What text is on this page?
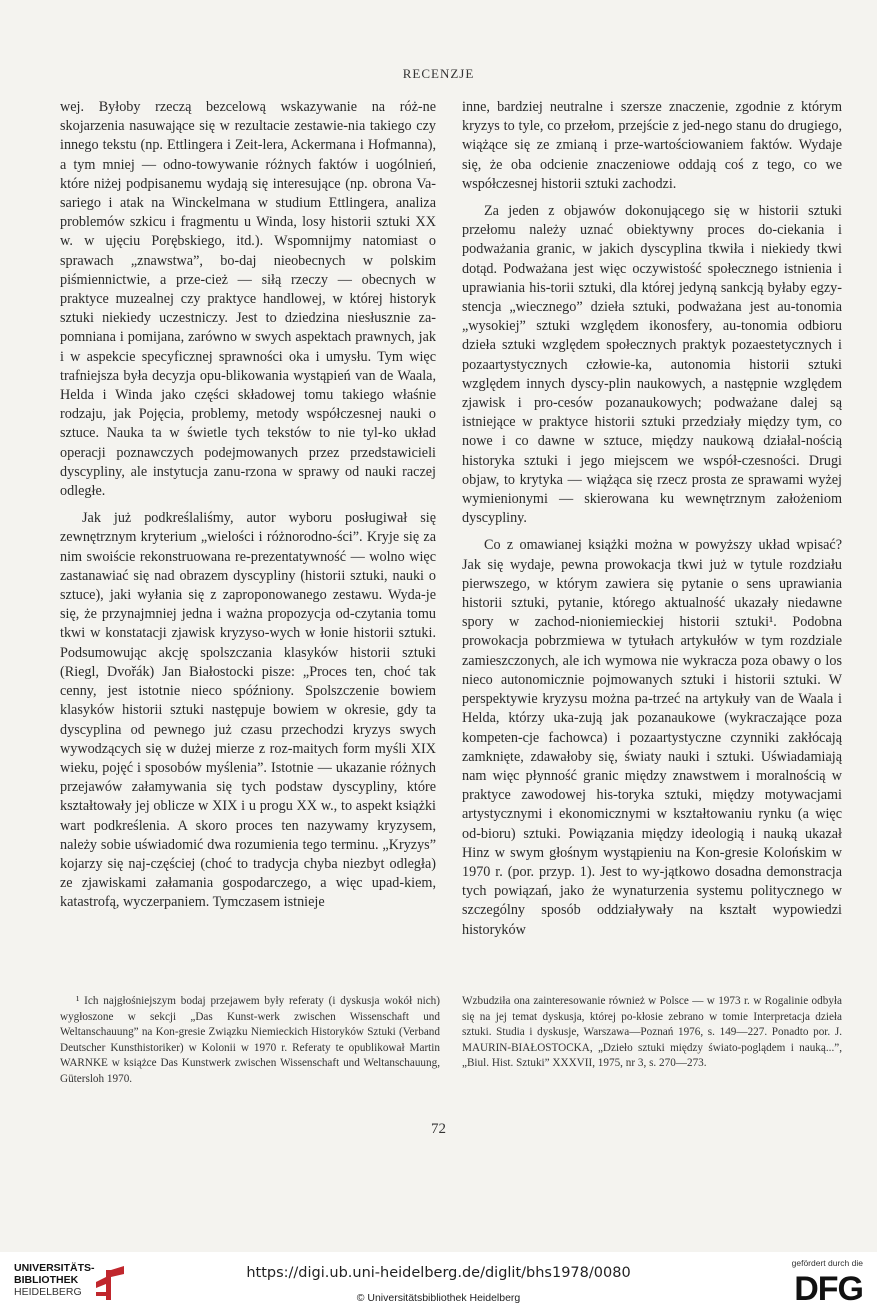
RECENZJE

wej. Byłoby rzeczą bezcelową wskazywanie na róż-ne skojarzenia nasuwające się w rezultacie zestawie-nia takiego czy innego tekstu (np. Ettlingera i Zeit-lera, Ackermana i Hofmanna), a tym mniej — odno-towywanie różnych faktów i uogólnień, które niżej podpisanemu wydają się interesujące (np. obrona Va-sariego i atak na Winckelmana w studium Ettlingera, analiza problemów szkicu i fragmentu u Winda, losy historii sztuki XX w. w ujęciu Porębskiego, itd.). Wspomnijmy natomiast o sprawach „znawstwa”, bo-daj nieobecnych w polskim piśmiennictwie, a prze-cież — siłą rzeczy — obecnych w praktyce muzealnej czy praktyce handlowej, w której historyk sztuki niekiedy uczestniczy. Jest to dziedzina niesłusznie za-pomniana i pomijana, zarówno w swych aspektach prawnych, jak i w aspekcie specyficznej sprawności oka i umysłu. Tym więc trafniejsza była decyzja opu-blikowania wystąpień van de Waala, Helda i Winda jako części składowej tomu takiego właśnie rodzaju, jak Pojęcia, problemy, metody współczesnej nauki o sztuce. Nauka ta w świetle tych tekstów to nie tyl-ko układ operacji poznawczych podejmowanych przez przedstawicieli dyscypliny, ale instytucja zanu-rzona w sprawy od nauki raczej odległe.

Jak już podkreślaliśmy, autor wyboru posługiwał się zewnętrznym kryterium „wielości i różnorodno-ści”. Kryje się za nim swoiście rekonstruowana re-prezentatywność — wolno więc zastanawiać się nad obrazem dyscypliny (historii sztuki, nauki o sztuce), jaki wyłania się z zaproponowanego zestawu. Wyda-je się, że przynajmniej jedna i ważna propozycja od-czytania tomu tkwi w konstatacji zjawisk kryzyso-wych w łonie historii sztuki. Podsumowując akcję spolszczania klasyków historii sztuki (Riegl, Dvořák) Jan Białostocki pisze: „Proces ten, choć tak cenny, jest istotnie nieco spóźniony. Spolszczenie bowiem klasyków historii sztuki następuje bowiem w okresie, gdy ta dyscyplina od pewnego już czasu przechodzi kryzys swych wywodzących się w dużej mierze z roz-maitych form myśli XIX wieku, pojęć i sposobów myślenia”. Istotnie — ukazanie różnych przejawów załamywania się tych podstaw dyscypliny, które kształtowały jej oblicze w XIX i u progu XX w., to aspekt książki wart podkreślenia. A skoro proces ten nazywamy kryzysem, należy sobie uświadomić dwa rozumienia tego terminu. „Kryzys” kojarzy się naj-częściej (choć to tradycja chyba niezbyt odległa) ze zjawiskami załamania gospodarczego, a więc upad-kiem, katastrofą, wyczerpaniem. Tymczasem istnieje

inne, bardziej neutralne i szersze znaczenie, zgodnie z którym kryzys to tyle, co przełom, przejście z jed-nego stanu do drugiego, wiążące się ze zmianą i prze-wartościowaniem faktów. Wydaje się, że oba odcienie znaczeniowe oddają coś z tego, co we współczesnej historii sztuki zachodzi.

Za jeden z objawów dokonującego się w historii sztuki przełomu należy uznać obiektywny proces do-ciekania i podważania granic, w jakich dyscyplina tkwiła i niekiedy tkwi dotąd. Podważana jest więc oczywistość społecznego istnienia i uprawiania his-torii sztuki, dla której jedyną sankcją byłaby egzy-stencja „wiecznego” dzieła sztuki, podważana jest au-tonomia „wysokiej” sztuki względem ikonosfery, au-tonomia odbioru dzieła sztuki względem społecznych praktyk pozaestetycznych i pozaartystycznych człowie-ka, autonomia historii sztuki względem innych dyscy-plin naukowych, a następnie względem zjawisk i pro-cesów pozanaukowych; podważane dalej są istniejące w praktyce historii sztuki przedziały między tym, co nowe i co dawne w sztuce, między naukową działal-nością historyka sztuki i jego miejscem we współ-czesności. Drugi objaw, to krytyka — wiążąca się rzecz prosta ze sprawami wyżej wymienionymi — skierowana ku wewnętrznym założeniom dyscypliny.

Co z omawianej książki można w powyższy układ wpisać? Jak się wydaje, pewna prowokacja tkwi już w tytule rozdziału pierwszego, w którym zawiera się pytanie o sens uprawiania historii sztuki, pytanie, którego aktualność ukazały niedawne spory w zachod-nioniemieckiej historii sztuki¹. Podobna prowokacja pobrzmiewa w tytułach artykułów w tym rozdziale zamieszczonych, ale ich wymowa nie wykracza poza obawy o los nieco autonomicznie pojmowanych sztuki i historii sztuki. W perspektywie kryzysu można pa-trzeć na artykuły van de Waala i Helda, którzy uka-zują jak pozanaukowe (wykraczające poza kompeten-cje fachowca) i pozaartystyczne czynniki zakłócają zamknięte, zdawałoby się, światy nauki i sztuki. Uświadamiają nam więc płynność granic między znawstwem i moralnością w praktyce zawodowej his-toryka sztuki, między motywacjami artystycznymi i ekonomicznymi w kształtowaniu rynku (a więc od-bioru) sztuki. Powiązania między ideologią i nauką ukazał Hinz w swym głośnym wystąpieniu na Kon-gresie Kolońskim w 1970 r. (por. przyp. 1). Jest to wy-jątkowo dosadna demonstracja tych powiązań, jako że wynaturzenia systemu politycznego w szczególny sposób oddziaływały na kształt wypowiedzi historyków

¹ Ich najgłośniejszym bodaj przejawem były referaty (i dyskusja wokół nich) wygłoszone w sekcji „Das Kunst-werk zwischen Wissenschaft und Weltanschauung” na Kon-gresie Związku Niemieckich Historyków Sztuki (Verband Deutscher Kunsthistoriker) w Kolonii w 1970 r. Referaty te opublikował Martin WARNKE w książce Das Kunstwerk zwischen Wissenschaft und Weltanschauung, Gütersloh 1970.

Wzbudziła ona zainteresowanie również w Polsce — w 1973 r. w Rogalinie odbyła się na jej temat dyskusja, której po-kłosie zebrano w tomie Interpretacja dzieła sztuki. Studia i dyskusje, Warszawa—Poznań 1976, s. 149—227. Ponadto por. J. MAURIN-BIAŁOSTOCKA, „Dzieło sztuki między świato-poglądem i nauką...”, „Biul. Hist. Sztuki” XXXVII, 1975, nr 3, s. 270—273.

72
UNIVERSITÄTS-
BIBLIOTHEK
HEIDELBERG
https://digi.ub.uni-heidelberg.de/diglit/bhs1978/0080
© Universitätsbibliothek Heidelberg
gefördert durch die
DFG
